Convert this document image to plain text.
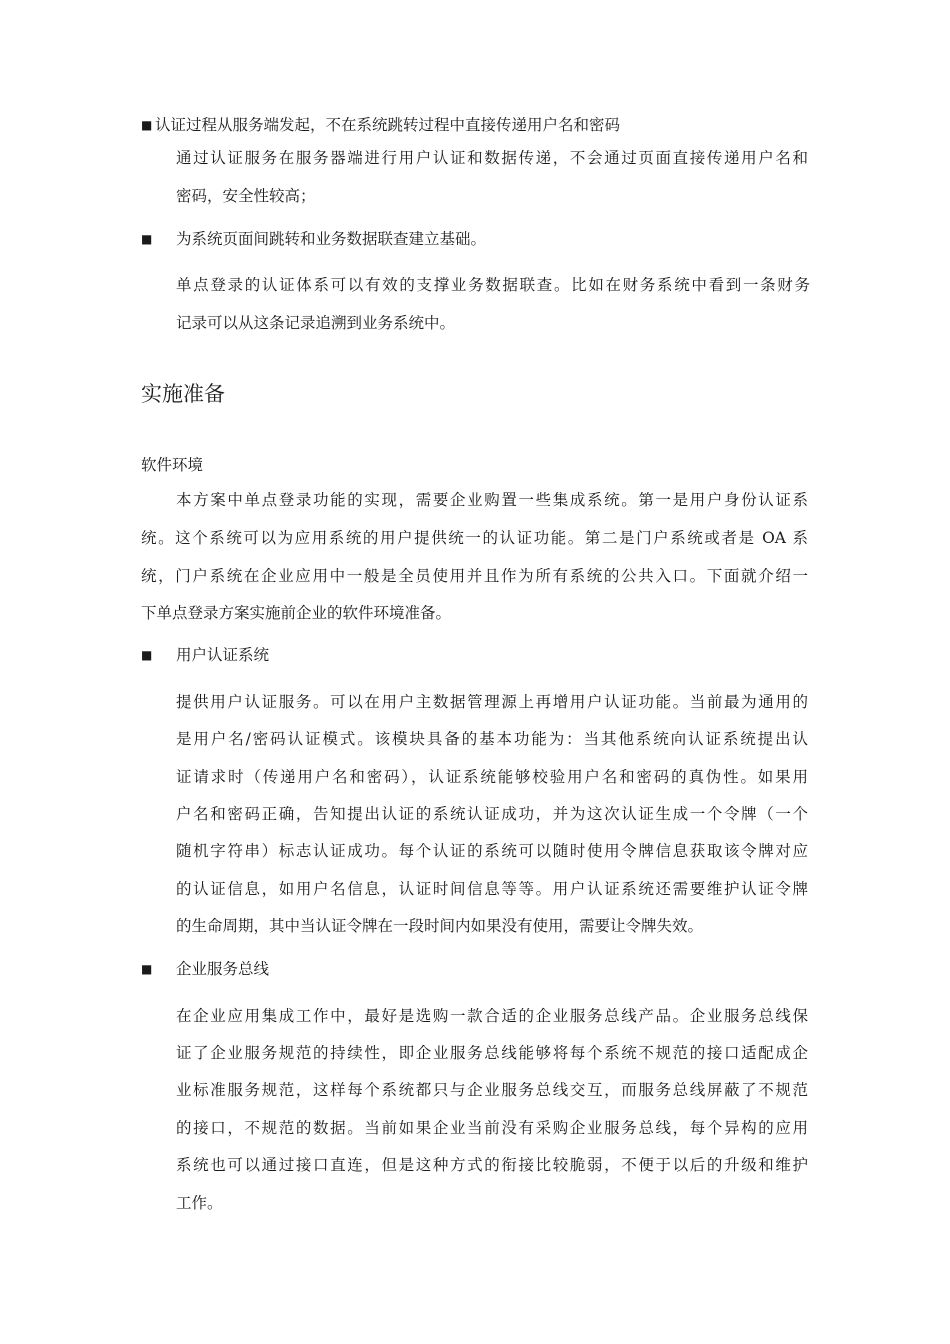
■ 认证过程从服务端发起，不在系统跳转过程中直接传递用户名和密码
通过认证服务在服务器端进行用户认证和数据传递，不会通过页面直接传递用户名和
密码，安全性较高；
■ 为系统页面间跳转和业务数据联查建立基础。
单点登录的认证体系可以有效的支撑业务数据联查。比如在财务系统中看到一条财务
记录可以从这条记录追溯到业务系统中。
实施准备
软件环境
本方案中单点登录功能的实现，需要企业购置一些集成系统。第一是用户身份认证系
统。这个系统可以为应用系统的用户提供统一的认证功能。第二是门户系统或者是 OA 系
统，门户系统在企业应用中一般是全员使用并且作为所有系统的公共入口。下面就介绍一
下单点登录方案实施前企业的软件环境准备。
■ 用户认证系统
提供用户认证服务。可以在用户主数据管理源上再增用户认证功能。当前最为通用的
是用户名/密码认证模式。该模块具备的基本功能为：当其他系统向认证系统提出认
证请求时（传递用户名和密码），认证系统能够校验用户名和密码的真伪性。如果用
户名和密码正确，告知提出认证的系统认证成功，并为这次认证生成一个令牌（一个
随机字符串）标志认证成功。每个认证的系统可以随时使用令牌信息获取该令牌对应
的认证信息，如用户名信息，认证时间信息等等。用户认证系统还需要维护认证令牌
的生命周期，其中当认证令牌在一段时间内如果没有使用，需要让令牌失效。
■ 企业服务总线
在企业应用集成工作中，最好是选购一款合适的企业服务总线产品。企业服务总线保
证了企业服务规范的持续性，即企业服务总线能够将每个系统不规范的接口适配成企
业标准服务规范，这样每个系统都只与企业服务总线交互，而服务总线屏蔽了不规范
的接口，不规范的数据。当前如果企业当前没有采购企业服务总线，每个异构的应用
系统也可以通过接口直连，但是这种方式的衔接比较脆弱，不便于以后的升级和维护
工作。
